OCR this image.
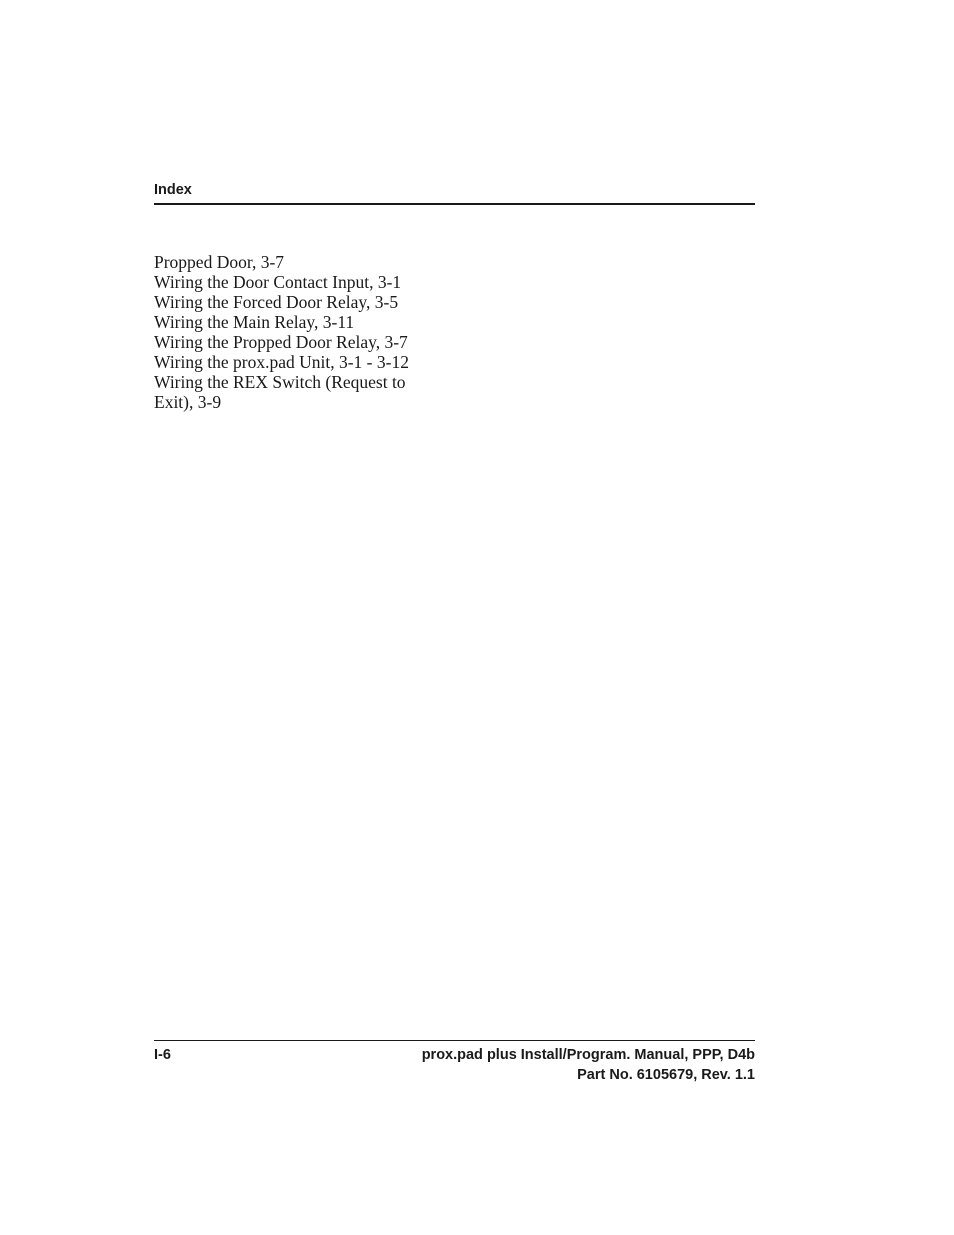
Index
Propped Door, 3-7
Wiring the Door Contact Input, 3-1
Wiring the Forced Door Relay, 3-5
Wiring the Main Relay, 3-11
Wiring the Propped Door Relay, 3-7
Wiring the prox.pad Unit, 3-1 - 3-12
Wiring the REX Switch (Request to
Exit), 3-9
I-6	prox.pad plus Install/Program. Manual, PPP, D4b
Part No. 6105679, Rev. 1.1
